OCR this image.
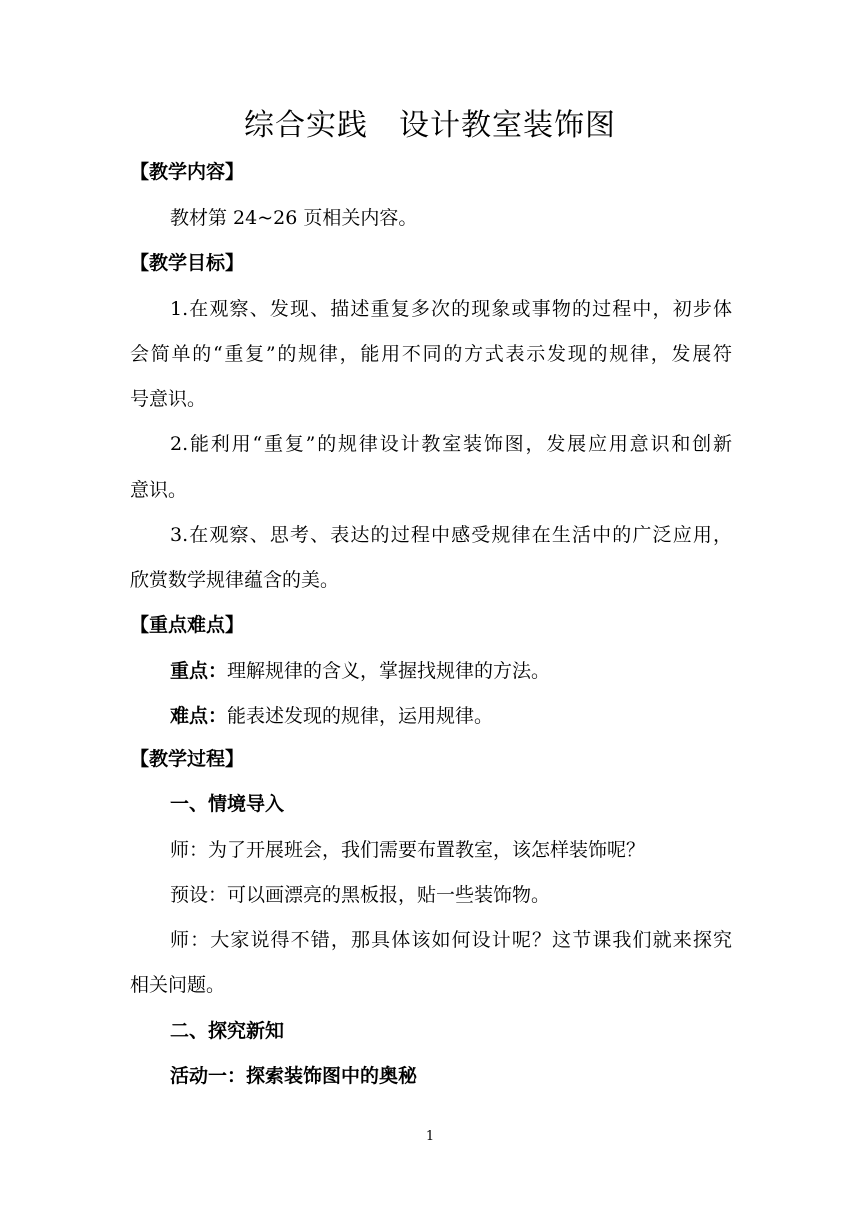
综合实践　设计教室装饰图
【教学内容】
教材第 24~26 页相关内容。
【教学目标】
1.在观察、发现、描述重复多次的现象或事物的过程中，初步体
会简单的“重复”的规律，能用不同的方式表示发现的规律，发展符
号意识。
2.能利用“重复”的规律设计教室装饰图，发展应用意识和创新
意识。
3.在观察、思考、表达的过程中感受规律在生活中的广泛应用，
欣赏数学规律蕴含的美。
【重点难点】
重点：理解规律的含义，掌握找规律的方法。
难点：能表述发现的规律，运用规律。
【教学过程】
一、情境导入
师：为了开展班会，我们需要布置教室，该怎样装饰呢？
预设：可以画漂亮的黑板报，贴一些装饰物。
师：大家说得不错，那具体该如何设计呢？这节课我们就来探究
相关问题。
二、探究新知
活动一：探索装饰图中的奥秘
1
